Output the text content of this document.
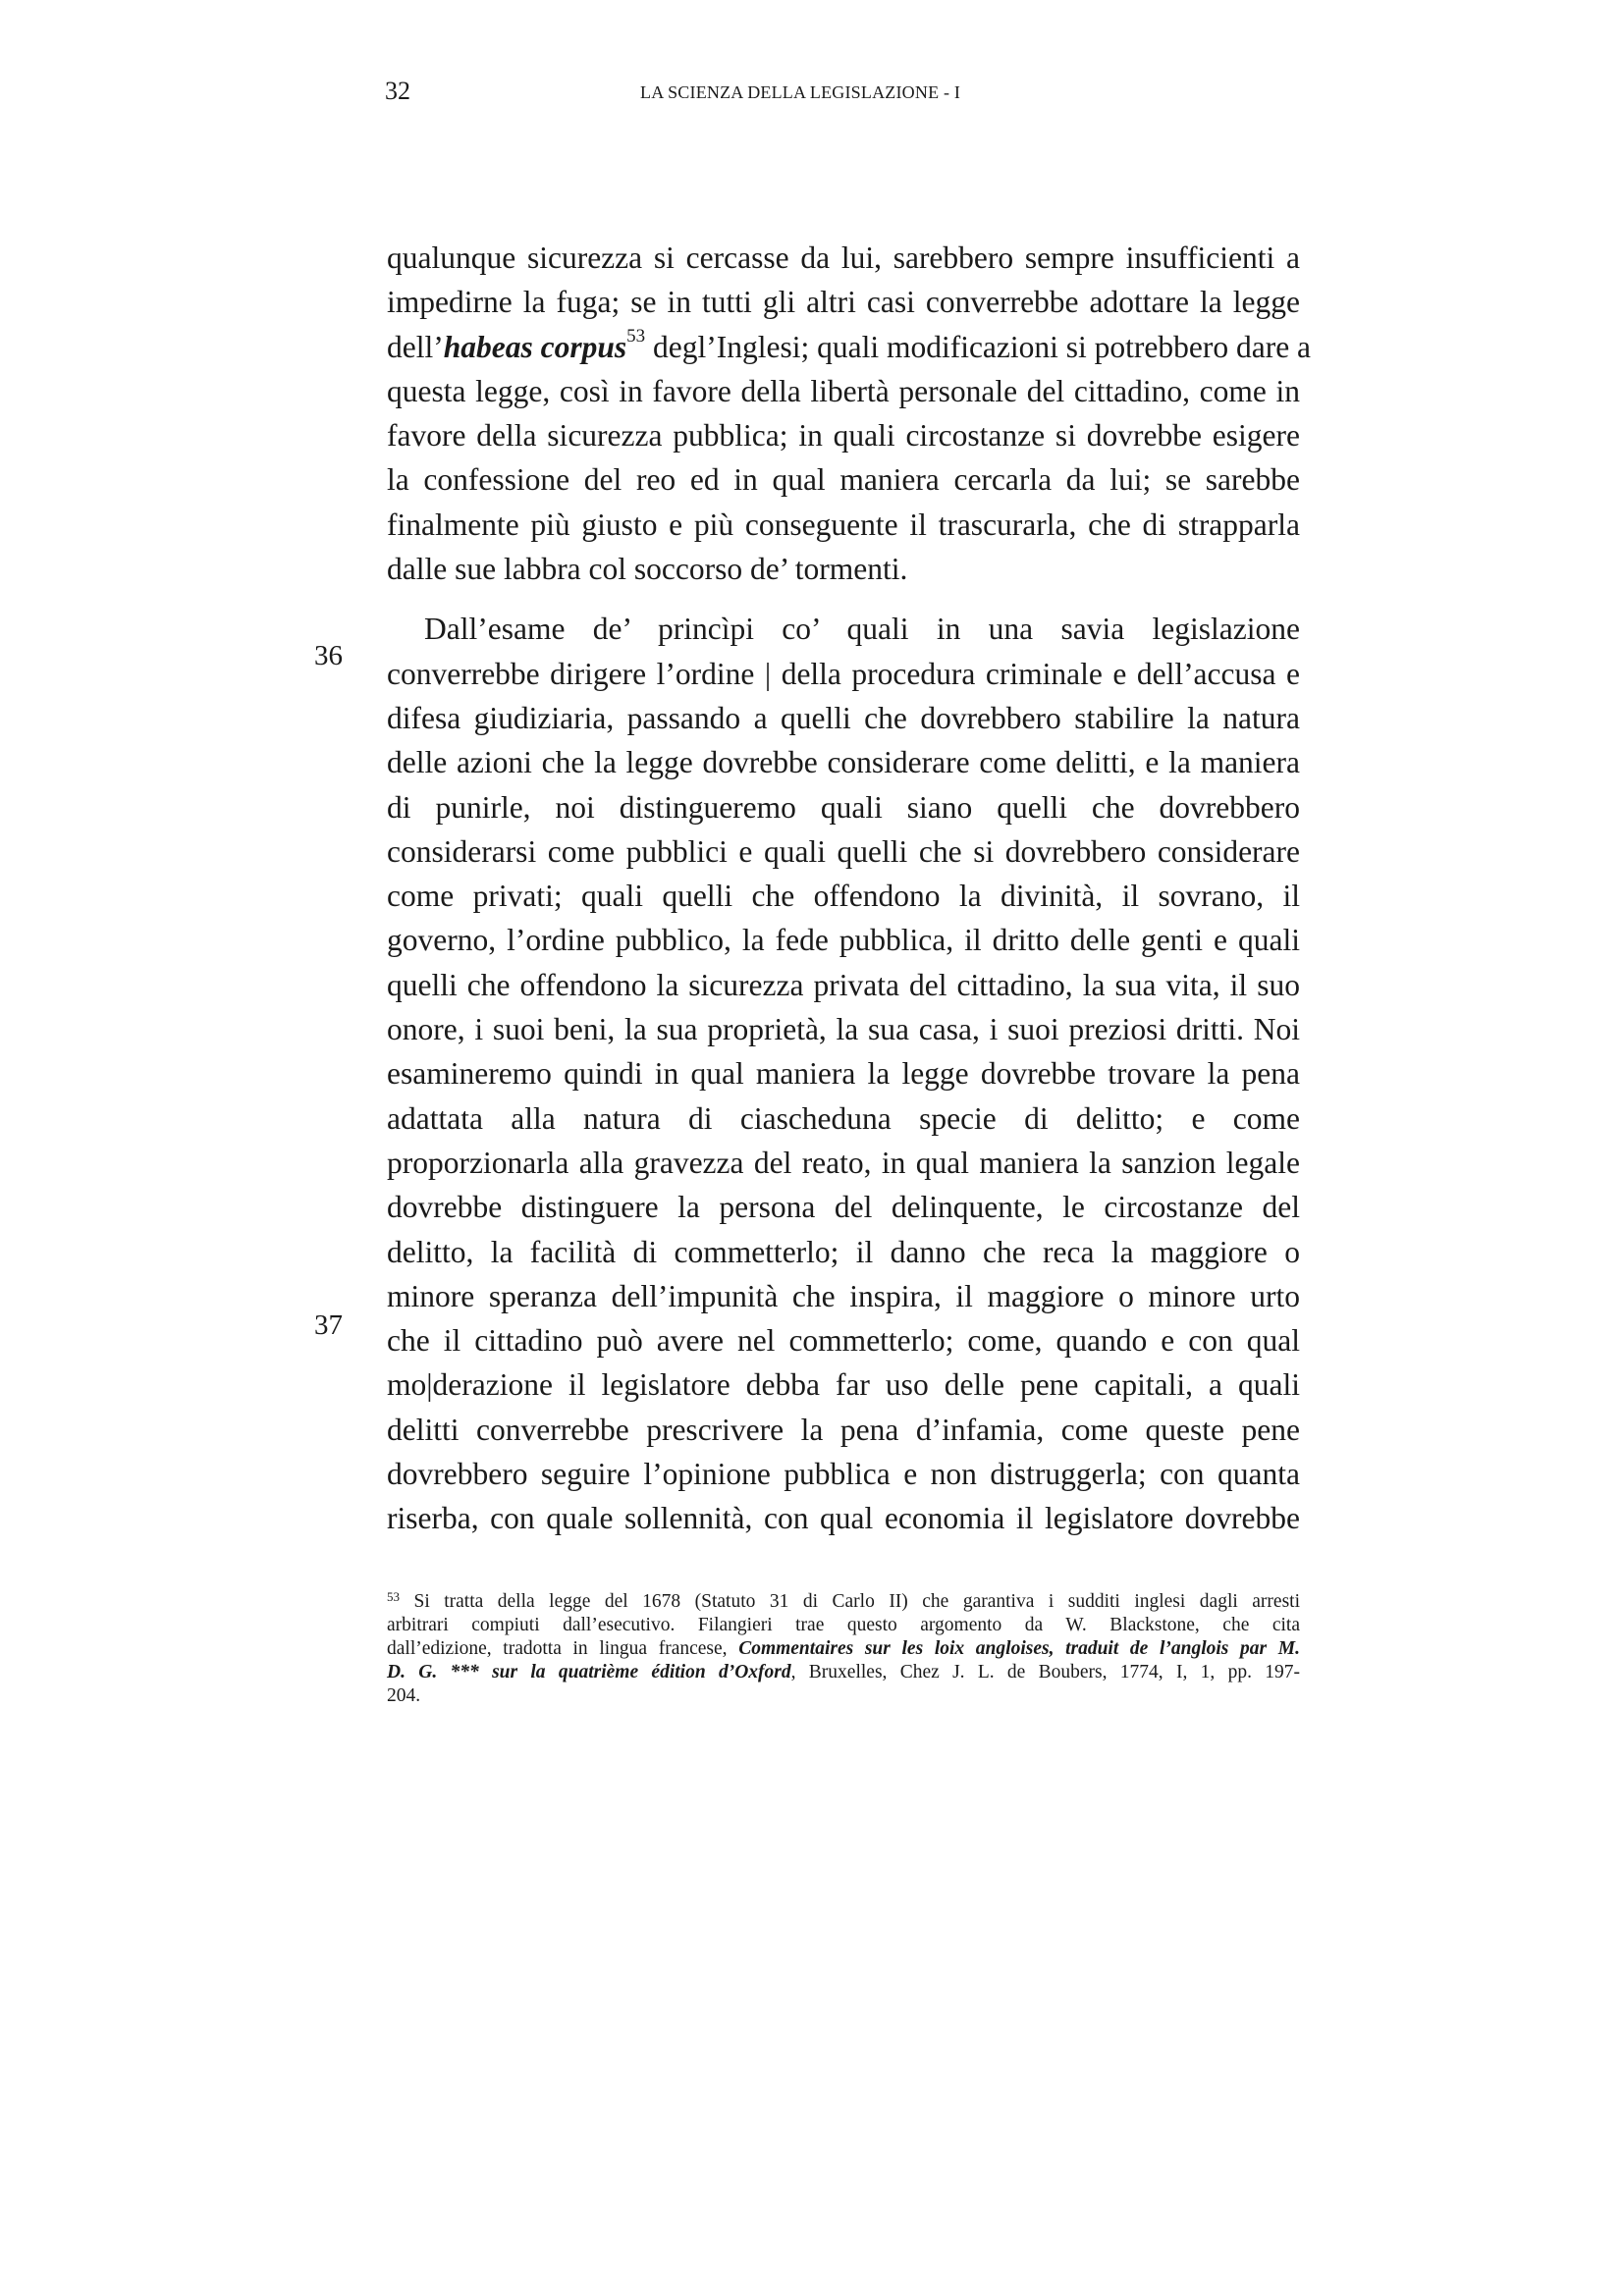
32	LA SCIENZA DELLA LEGISLAZIONE - I
36
37

qualunque sicurezza si cercasse da lui, sarebbero sempre insufficienti a
impedirne la fuga; se in tutti gli altri casi converrebbe adottare la legge
dell’habeas corpus$^{53}$ degl’Inglesi; quali modificazioni si potrebbero dare a
questa legge, così in favore della libertà personale del cittadino, come in
favore della sicurezza pubblica; in quali circostanze si dovrebbe esigere
la confessione del reo ed in qual maniera cercarla da lui; se sarebbe
finalmente più giusto e più conseguente il trascurarla, che di strapparla
dalle sue labbra col soccorso de’ tormenti.

Dall’esame de’ princìpi co’ quali in una savia legislazione
converrebbe dirigere l’ordine | della procedura criminale e dell’accusa e
difesa giudiziaria, passando a quelli che dovrebbero stabilire la natura
delle azioni che la legge dovrebbe considerare come delitti, e la maniera
di punirle, noi distingueremo quali siano quelli che dovrebbero
considerarsi come pubblici e quali quelli che si dovrebbero considerare
come privati; quali quelli che offendono la divinità, il sovrano, il
governo, l’ordine pubblico, la fede pubblica, il dritto delle genti e quali
quelli che offendono la sicurezza privata del cittadino, la sua vita, il suo
onore, i suoi beni, la sua proprietà, la sua casa, i suoi preziosi dritti. Noi
esamineremo quindi in qual maniera la legge dovrebbe trovare la pena
adattata alla natura di ciascheduna specie di delitto; e come
proporzionarla alla gravezza del reato, in qual maniera la sanzion legale
dovrebbe distinguere la persona del delinquente, le circostanze del
delitto, la facilità di commetterlo; il danno che reca la maggiore o
minore speranza dell’impunità che inspira, il maggiore o minore urto
che il cittadino può avere nel commetterlo; come, quando e con qual
mo|derazione il legislatore debba far uso delle pene capitali, a quali
delitti converrebbe prescrivere la pena d’infamia, come queste pene
dovrebbero seguire l’opinione pubblica e non distruggerla; con quanta
riserba, con quale sollennità, con qual economia il legislatore dovrebbe

$^{53}$ Si tratta della legge del 1678 (Statuto 31 di Carlo II) che garantiva i sudditi inglesi dagli arresti
arbitrari compiuti dall’esecutivo. Filangieri trae questo argomento da W. Blackstone, che cita
dall’edizione, tradotta in lingua francese, Commentaires sur les loix angloises, traduit de l’anglois par M.
D. G. *** sur la quatrième édition d’Oxford, Bruxelles, Chez J. L. de Boubers, 1774, I, 1, pp. 197-
204.
